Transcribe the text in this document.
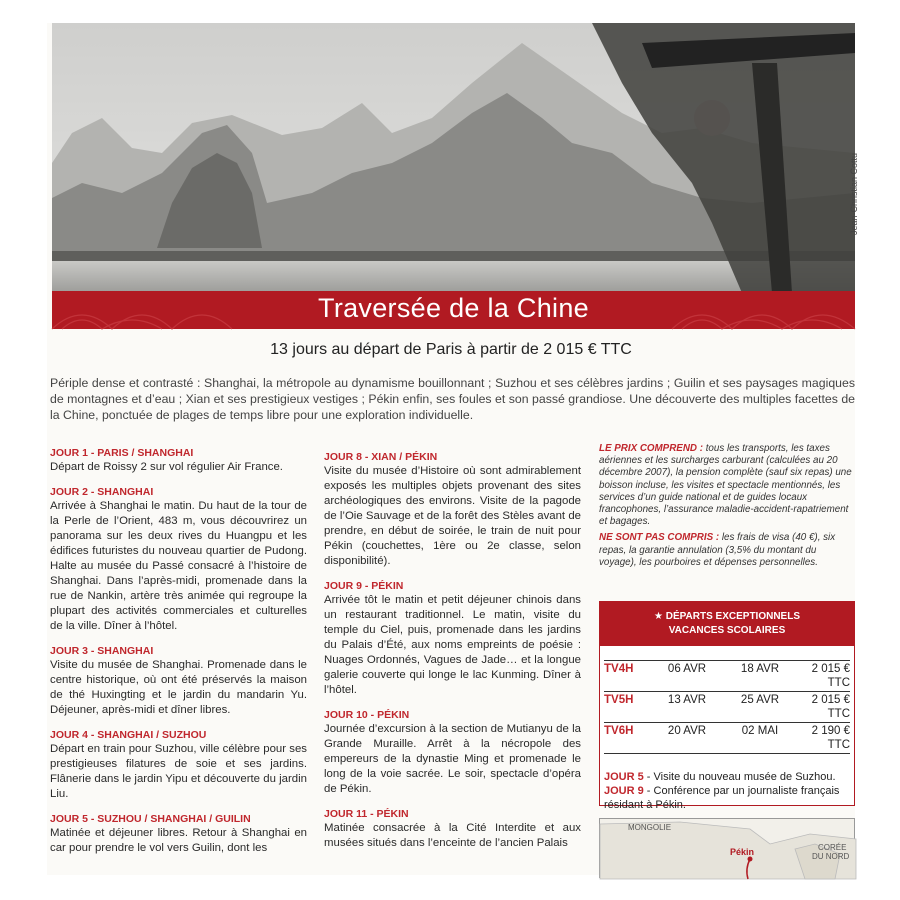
Jean-Christian Cottu
Traversée de la Chine
13 jours au départ de Paris à partir de 2 015 € TTC
Périple dense et contrasté : Shanghai, la métropole au dynamisme bouillonnant ; Suzhou et ses célèbres jardins ; Guilin et ses paysages magiques de montagnes et d’eau ; Xian et ses prestigieux vestiges ; Pékin enfin, ses foules et son passé grandiose. Une découverte des multiples facettes de la Chine, ponctuée de plages de temps libre pour une exploration individuelle.
JOUR 1 - PARIS / SHANGHAI
Départ de Roissy 2 sur vol régulier Air France.
JOUR 2 - SHANGHAI
Arrivée à Shanghai le matin. Du haut de la tour de la Perle de l’Orient, 483 m, vous découvrirez un panorama sur les deux rives du Huangpu et les édifices futuristes du nouveau quartier de Pudong. Halte au musée du Passé consacré à l’histoire de Shanghai. Dans l’après-midi, promenade dans la rue de Nankin, artère très animée qui regroupe la plupart des activités commerciales et culturelles de la ville. Dîner à l’hôtel.
JOUR 3 - SHANGHAI
Visite du musée de Shanghai. Promenade dans le centre historique, où ont été préservés la maison de thé Huxingting et le jardin du mandarin Yu. Déjeuner, après-midi et dîner libres.
JOUR 4 - SHANGHAI / SUZHOU
Départ en train pour Suzhou, ville célèbre pour ses prestigieuses filatures de soie et ses jardins. Flânerie dans le jardin Yipu et découverte du jardin Liu.
JOUR 5 - SUZHOU / SHANGHAI / GUILIN
Matinée et déjeuner libres. Retour à Shanghai en car pour prendre le vol vers Guilin, dont les
JOUR 8 - XIAN / PÉKIN
Visite du musée d’Histoire où sont admirablement exposés les multiples objets provenant des sites archéologiques des environs. Visite de la pagode de l’Oie Sauvage et de la forêt des Stèles avant de prendre, en début de soirée, le train de nuit pour Pékin (couchettes, 1ère ou 2e classe, selon disponibilité).
JOUR 9 - PÉKIN
Arrivée tôt le matin et petit déjeuner chinois dans un restaurant traditionnel. Le matin, visite du temple du Ciel, puis, promenade dans les jardins du Palais d’Été, aux noms empreints de poésie : Nuages Ordonnés, Vagues de Jade… et la longue galerie couverte qui longe le lac Kunming. Dîner à l’hôtel.
JOUR 10 - PÉKIN
Journée d’excursion à la section de Mutianyu de la Grande Muraille. Arrêt à la nécropole des empereurs de la dynastie Ming et promenade le long de la voie sacrée. Le soir, spectacle d’opéra de Pékin.
JOUR 11 - PÉKIN
Matinée consacrée à la Cité Interdite et aux musées situés dans l’enceinte de l’ancien Palais
LE PRIX COMPREND : tous les transports, les taxes aériennes et les surcharges carburant (calculées au 20 décembre 2007), la pension complète (sauf six repas) une boisson incluse, les visites et spectacle mentionnés, les services d’un guide national et de guides locaux francophones, l’assurance maladie-accident-rapatriement et bagages.
NE SONT PAS COMPRIS : les frais de visa (40 €), six repas, la garantie annulation (3,5% du montant du voyage), les pourboires et dépenses personnelles.
★ DÉPARTS EXCEPTIONNELS
VACANCES SCOLAIRES
TV4H	06 AVR	18 AVR	2 015 € TTC
TV5H	13 AVR	25 AVR	2 015 € TTC
TV6H	20 AVR	02 MAI	2 190 € TTC
JOUR 5 - Visite du nouveau musée de Suzhou.
JOUR 9 - Conférence par un journaliste français résidant à Pékin.
MONGOLIE
Pékin	CORÉE
DU NORD
